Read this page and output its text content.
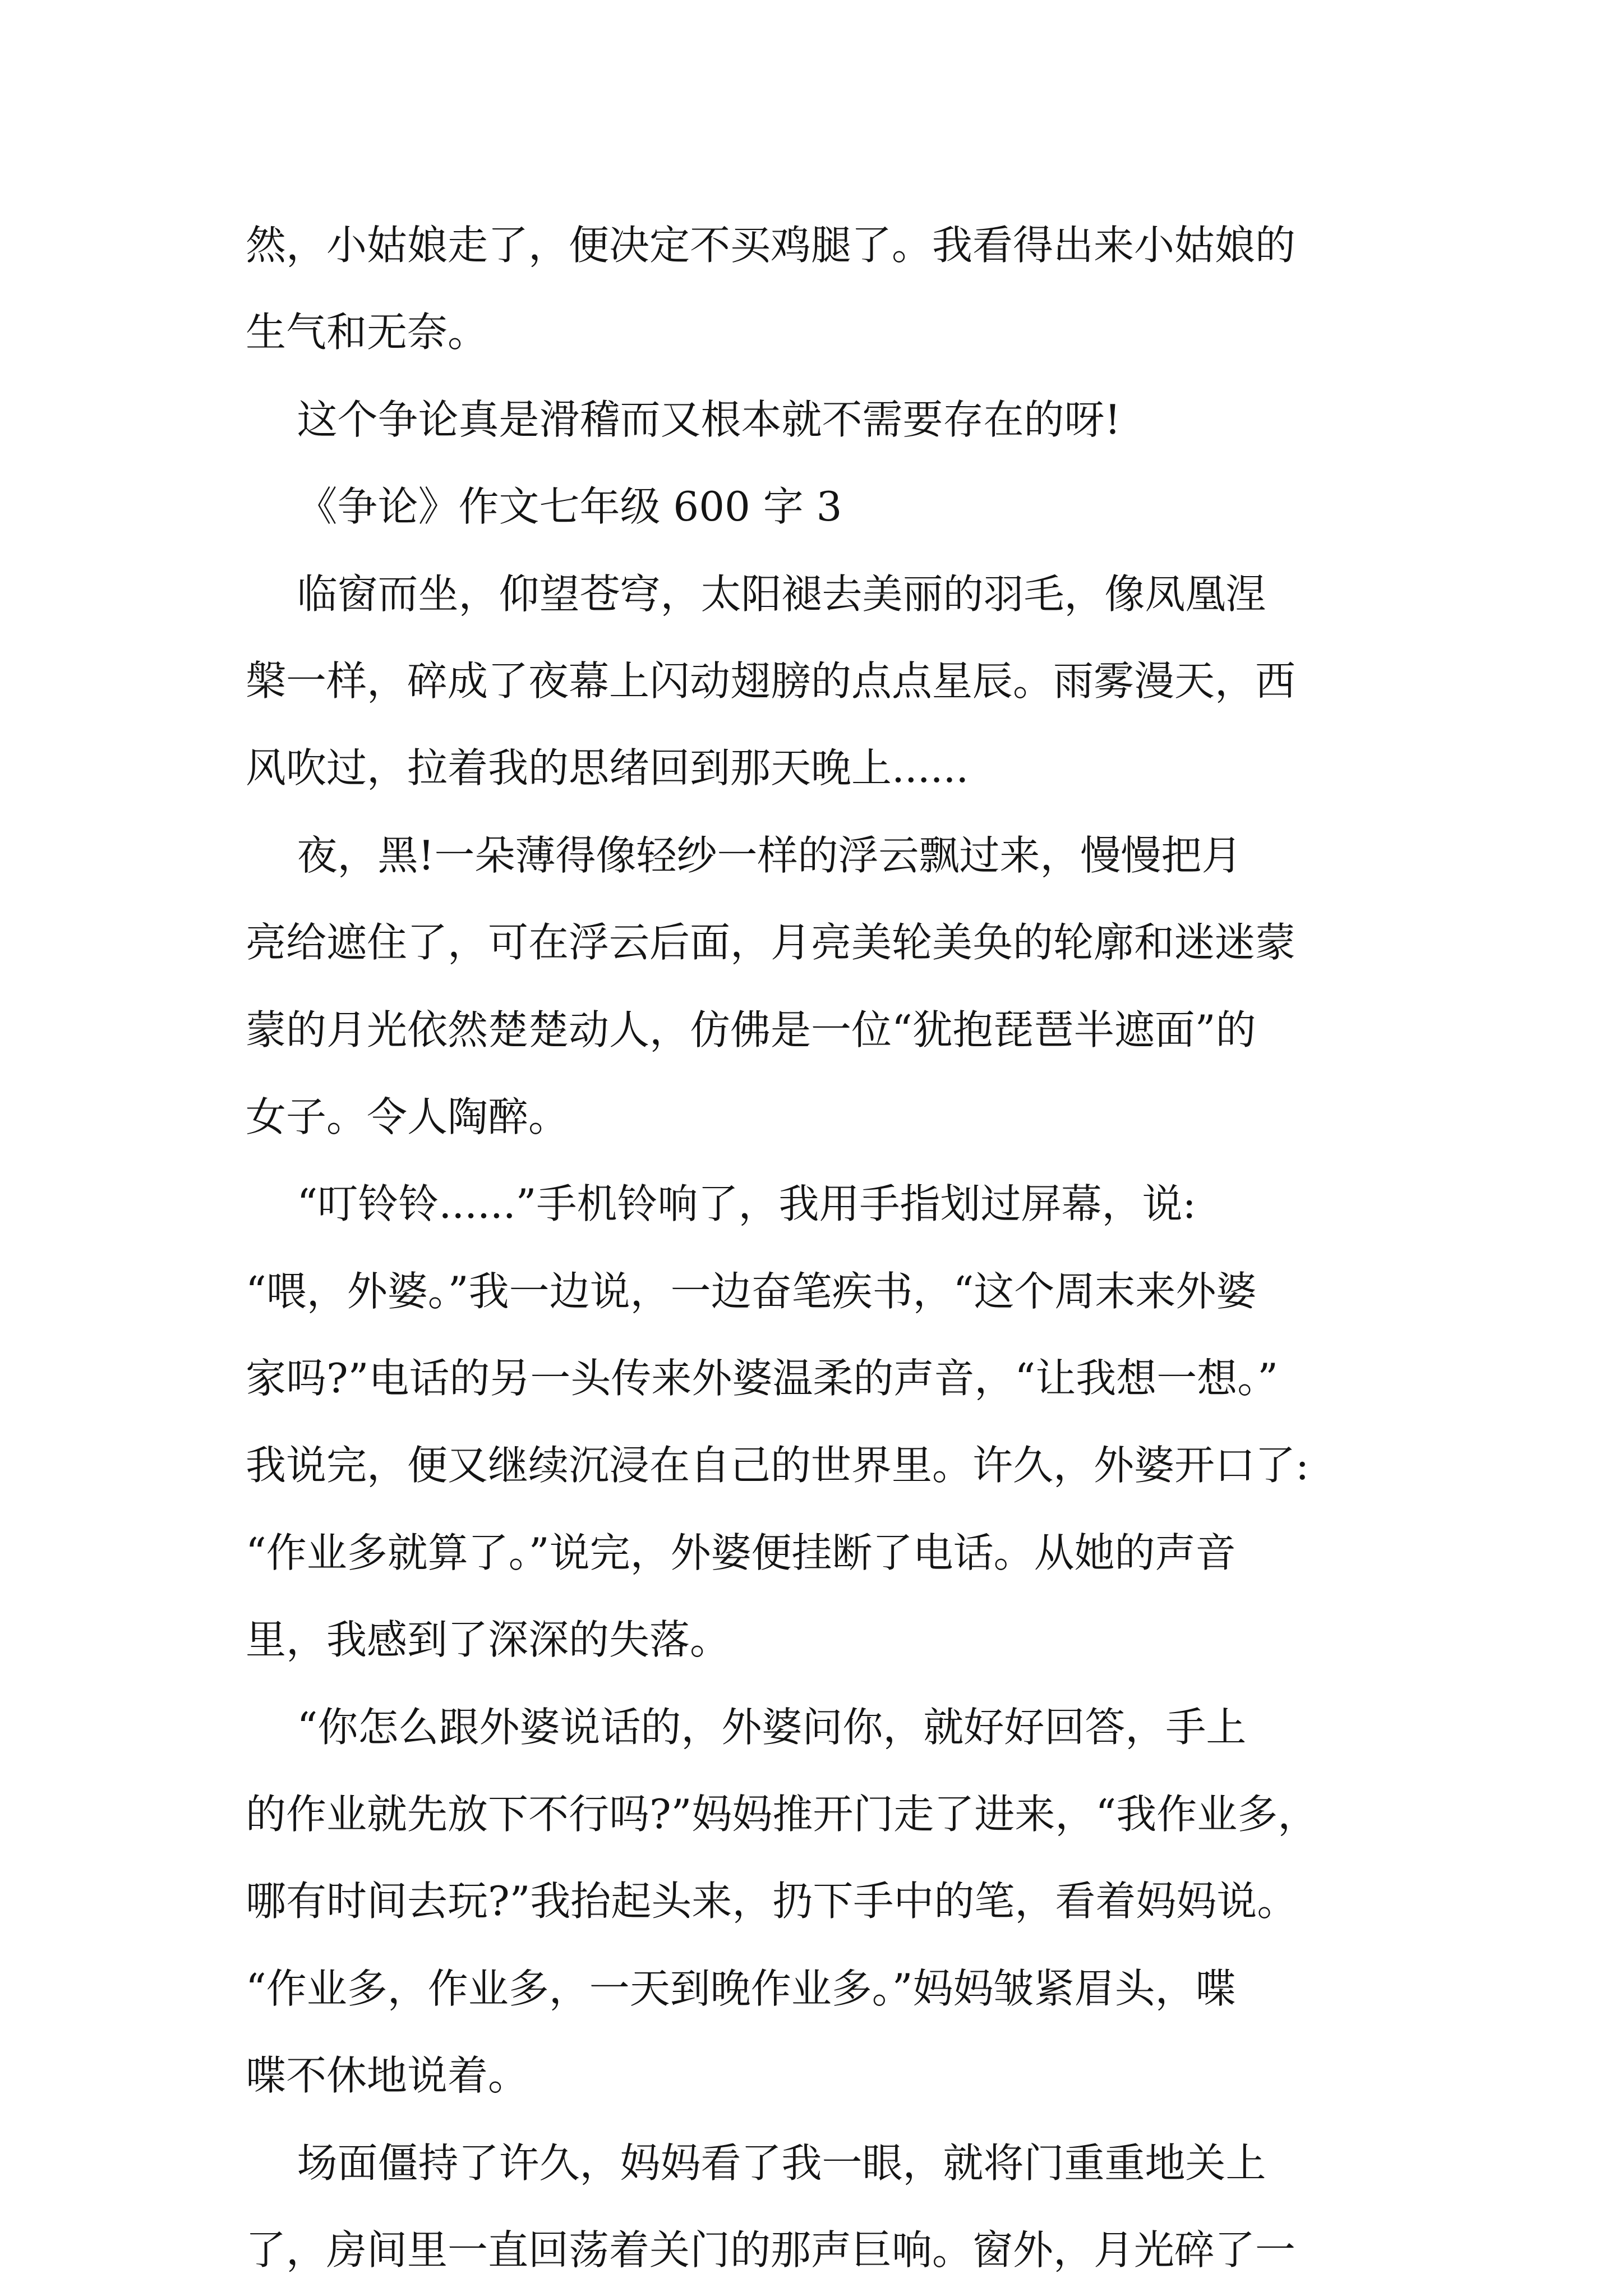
然，小姑娘走了，便决定不买鸡腿了。我看得出来小姑娘的
生气和无奈。
这个争论真是滑稽而又根本就不需要存在的呀!
《争论》作文七年级 600 字 3
临窗而坐，仰望苍穹，太阳褪去美丽的羽毛，像凤凰涅
槃一样，碎成了夜幕上闪动翅膀的点点星辰。雨雾漫天，西
风吹过，拉着我的思绪回到那天晚上......
夜，黑!一朵薄得像轻纱一样的浮云飘过来，慢慢把月
亮给遮住了，可在浮云后面，月亮美轮美奂的轮廓和迷迷蒙
蒙的月光依然楚楚动人，仿佛是一位“犹抱琵琶半遮面”的
女子。令人陶醉。
“叮铃铃......”手机铃响了，我用手指划过屏幕，说:
“喂，外婆。”我一边说，一边奋笔疾书，“这个周末来外婆
家吗?”电话的另一头传来外婆温柔的声音，“让我想一想。”
我说完，便又继续沉浸在自己的世界里。许久，外婆开口了:
“作业多就算了。”说完，外婆便挂断了电话。从她的声音
里，我感到了深深的失落。
“你怎么跟外婆说话的，外婆问你，就好好回答，手上
的作业就先放下不行吗?”妈妈推开门走了进来，“我作业多，
哪有时间去玩?”我抬起头来，扔下手中的笔，看着妈妈说。
“作业多，作业多，一天到晚作业多。”妈妈皱紧眉头，喋
喋不休地说着。
场面僵持了许久，妈妈看了我一眼，就将门重重地关上
了，房间里一直回荡着关门的那声巨响。窗外，月光碎了一
